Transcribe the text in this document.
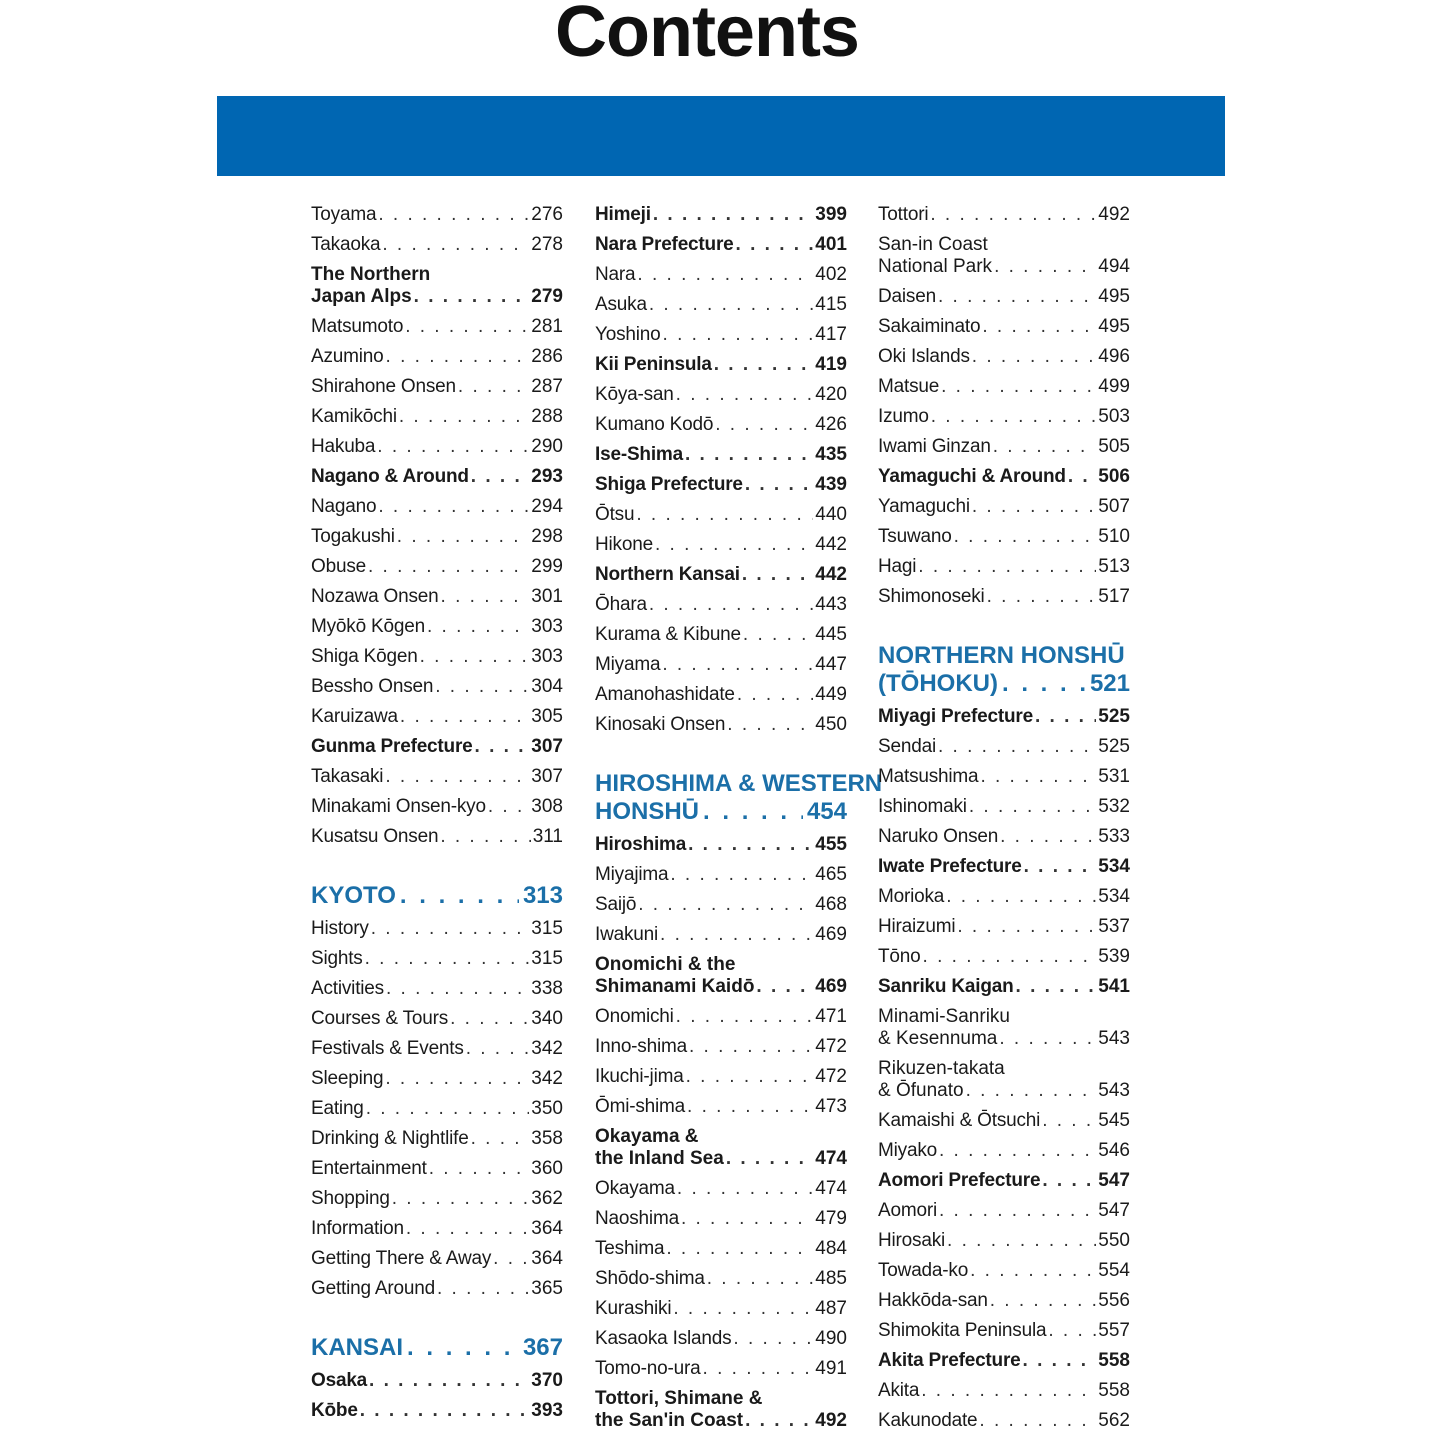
Contents
Toyama . . .	276
Takaoka . . .	278
The Northern
Japan Alps . . .	279
Matsumoto . . .	281
Azumino . . .	286
Shirahone Onsen . . .	287
Kamikōchi . . .	288
Hakuba . . .	290
Nagano & Around . . .	293
Nagano . . .	294
Togakushi . . .	298
Obuse . . .	299
Nozawa Onsen . . .	301
Myōkō Kōgen . . .	303
Shiga Kōgen . . .	303
Bessho Onsen . . .	304
Karuizawa . . .	305
Gunma Prefecture . . .	307
Takasaki . . .	307
Minakami Onsen-kyo . . . 308
Kusatsu Onsen . . .	311
KYOTO . . .	313
History . . .	315
Sights . . .	315
Activities . . .	338
Courses & Tours . . .	340
Festivals & Events . . .	342
Sleeping . . .	342
Eating . . .	350
Drinking & Nightlife . . .	358
Entertainment . . .	360
Shopping . . .	362
Information . . .	364
Getting There & Away . . . 364
Getting Around . . .	365
KANSAI . . .	367
Osaka . . .	370
Kōbe . . .	393
Himeji . . .	399
Nara Prefecture . . .	401
Nara . . .	402
Asuka . . .	415
Yoshino . . .	417
Kii Peninsula . . .	419
Kōya-san . . .	420
Kumano Kodō . . .	426
Ise-Shima . . .	435
Shiga Prefecture . . .	439
Ōtsu . . .	440
Hikone . . .	442
Northern Kansai . . .	442
Ōhara . . .	443
Kurama & Kibune . . .	445
Miyama . . .	447
Amanohashidate . . .	449
Kinosaki Onsen . . .	450
HIROSHIMA & WESTERN
HONSHŪ . . .	454
Hiroshima . . .	455
Miyajima . . .	465
Saijō . . .	468
Iwakuni . . .	469
Onomichi & the
Shimanami Kaidō . . .	469
Onomichi . . .	471
Inno-shima . . .	472
Ikuchi-jima . . .	472
Ōmi-shima . . .	473
Okayama &
the Inland Sea . . .	474
Okayama . . .	474
Naoshima . . .	479
Teshima . . .	484
Shōdo-shima . . .	485
Kurashiki . . .	487
Kasaoka Islands . . .	490
Tomo-no-ura . . .	491
Tottori, Shimane &
the San'in Coast . . .	492
Tottori . . .	492
San-in Coast
National Park . . .	494
Daisen . . .	495
Sakaiminato . . .	495
Oki Islands . . .	496
Matsue . . .	499
Izumo . . .	503
Iwami Ginzan . . .	505
Yamaguchi & Around . . . 506
Yamaguchi . . .	507
Tsuwano . . .	510
Hagi . . .	513
Shimonoseki . . .	517
NORTHERN HONSHŪ
(TŌHOKU) . . .	521
Miyagi Prefecture . . .	525
Sendai . . .	525
Matsushima . . .	531
Ishinomaki . . .	532
Naruko Onsen . . .	533
Iwate Prefecture . . .	534
Morioka . . .	534
Hiraizumi . . .	537
Tōno . . .	539
Sanriku Kaigan . . .	541
Minami-Sanriku
& Kesennuma . . .	543
Rikuzen-takata
& Ōfunato . . .	543
Kamaishi & Ōtsuchi . . .	545
Miyako . . .	546
Aomori Prefecture . . .	547
Aomori . . .	547
Hirosaki . . .	550
Towada-ko . . .	554
Hakkōda-san . . .	556
Shimokita Peninsula . . .	557
Akita Prefecture . . .	558
Akita . . .	558
Kakunodate . . .	562
